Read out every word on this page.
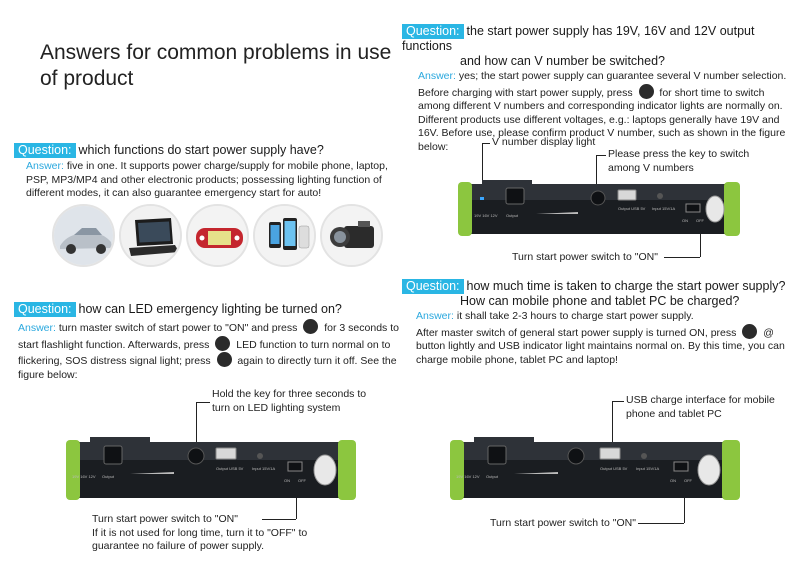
Answers for common problems in use of product
Question: which functions do start power supply have?
Answer: five in one. It supports power charge/supply for mobile phone, laptop, PSP, MP3/MP4 and other electronic products; possessing lighting function of different modes, it can also guarantee emergency start for auto!
Question: how can LED emergency lighting be turned on?
Answer: turn master switch of start power to "ON" and press	for 3 seconds to start flashlight function. Afterwards, press	LED function to turn normal on to flickering, SOS distress signal light; press	again to directly turn it off. See the figure below:
Hold the key for three seconds to turn on LED lighting system
Turn start power switch to "ON"
If it is not used for long time, turn it to "OFF" to guarantee no failure of power supply.
Question: the start power supply has 19V, 16V and 12V output functions
and how can V number be switched?
Answer: yes; the start power supply can guarantee several V number selection. Before charging with start power supply, press	for short time to switch among different V numbers and corresponding indicator lights are normally on. Different products use different voltages, e.g.: laptops generally have 19V and 16V. Before use, please confirm product V number, such as shown in the figure below:	V number display light
Please press the key to switch among V numbers
Turn start power switch to "ON"
Question: how much time is taken to charge the start power supply?
How can mobile phone and tablet PC be charged?
Answer: it shall take 2-3 hours to charge start power supply.
After master switch of general start power supply is turned ON, press	@ button lightly and USB indicator light maintains normal on. By this time, you can charge mobile phone, tablet PC and laptop!
USB charge interface for mobile phone and tablet PC
Turn start power switch to "ON"
19V 16V 12V Output
Output USB 5V Input 15V/1A
ON OFF
19V 16V 12V Output
Output USB 5V Input 15V/1A
ON OFF
19V 16V 12V Output
Output USB 5V Input 15V/1A
ON OFF
